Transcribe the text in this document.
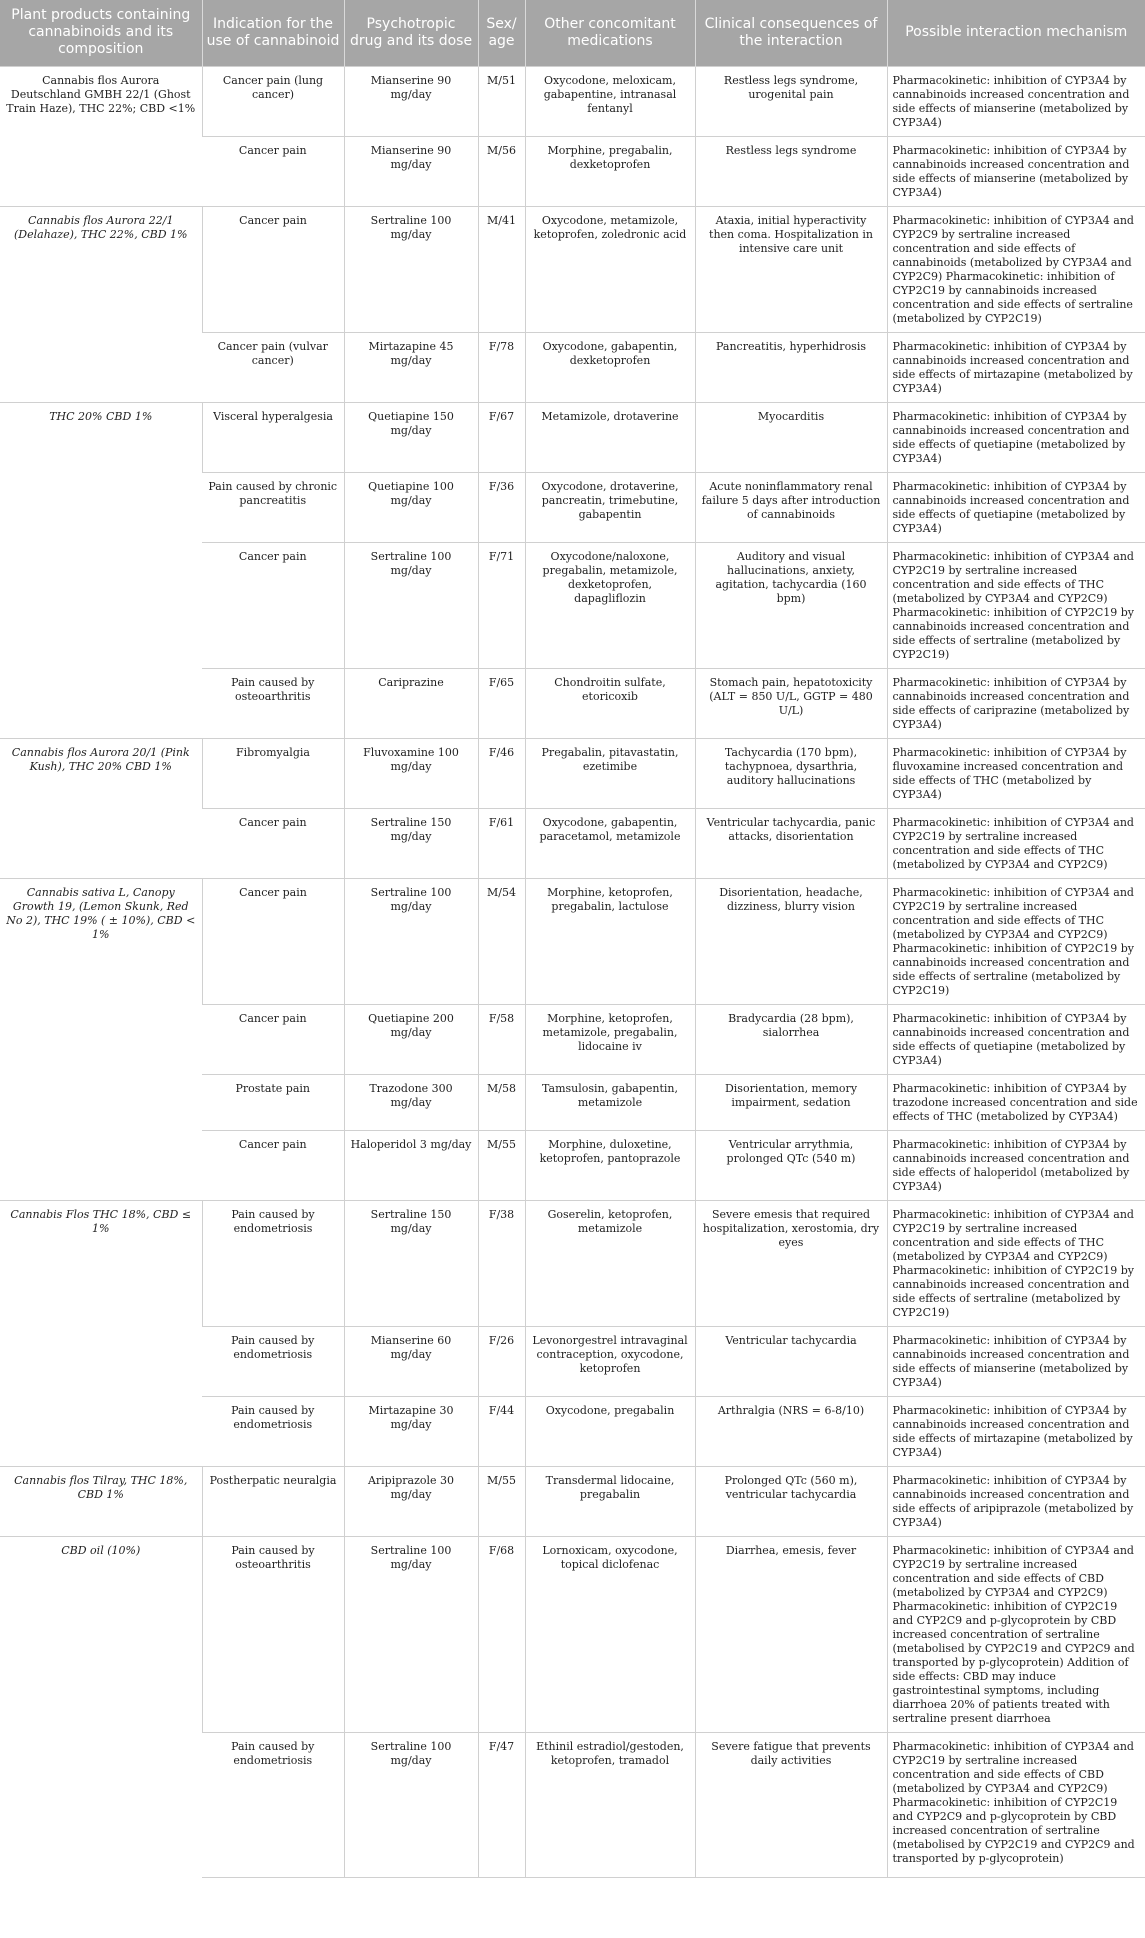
Plant products containing cannabinoids and its composition	Indication for the use of cannabinoid	Psychotropic drug and its dose	Sex/ age	Other concomitant medications	Clinical consequences of the interaction	Possible interaction mechanism
Cannabis flos Aurora Deutschland GMBH 22/1 (Ghost Train Haze), THC 22%; CBD <1%	Cancer pain (lung cancer)	Mianserine 90 mg/day	M/51	Oxycodone, meloxicam, gabapentine, intranasal fentanyl	Restless legs syndrome, urogenital pain	Pharmacokinetic: inhibition of CYP3A4 by cannabinoids increased concentration and side effects of mianserine (metabolized by CYP3A4)
	Cancer pain	Mianserine 90 mg/day	M/56	Morphine, pregabalin, dexketoprofen	Restless legs syndrome	Pharmacokinetic: inhibition of CYP3A4 by cannabinoids increased concentration and side effects of mianserine (metabolized by CYP3A4)
Cannabis flos Aurora 22/1 (Delahaze), THC 22%, CBD 1%	Cancer pain	Sertraline 100 mg/day	M/41	Oxycodone, metamizole, ketoprofen, zoledronic acid	Ataxia, initial hyperactivity then coma. Hospitalization in intensive care unit	Pharmacokinetic: inhibition of CYP3A4 and CYP2C9 by sertraline increased concentration and side effects of cannabinoids (metabolized by CYP3A4 and CYP2C9) Pharmacokinetic: inhibition of CYP2C19 by cannabinoids increased concentration and side effects of sertraline (metabolized by CYP2C19)
	Cancer pain (vulvar cancer)	Mirtazapine 45 mg/day	F/78	Oxycodone, gabapentin, dexketoprofen	Pancreatitis, hyperhidrosis	Pharmacokinetic: inhibition of CYP3A4 by cannabinoids increased concentration and side effects of mirtazapine (metabolized by CYP3A4)
THC 20% CBD 1%	Visceral hyperalgesia	Quetiapine 150 mg/day	F/67	Metamizole, drotaverine	Myocarditis	Pharmacokinetic: inhibition of CYP3A4 by cannabinoids increased concentration and side effects of quetiapine (metabolized by CYP3A4)
	Pain caused by chronic pancreatitis	Quetiapine 100 mg/day	F/36	Oxycodone, drotaverine, pancreatin, trimebutine, gabapentin	Acute noninflammatory renal failure 5 days after introduction of cannabinoids	Pharmacokinetic: inhibition of CYP3A4 by cannabinoids increased concentration and side effects of quetiapine (metabolized by CYP3A4)
	Cancer pain	Sertraline 100 mg/day	F/71	Oxycodone/naloxone, pregabalin, metamizole, dexketoprofen, dapagliflozin	Auditory and visual hallucinations, anxiety, agitation, tachycardia (160 bpm)	Pharmacokinetic: inhibition of CYP3A4 and CYP2C19 by sertraline increased concentration and side effects of THC (metabolized by CYP3A4 and CYP2C9) Pharmacokinetic: inhibition of CYP2C19 by cannabinoids increased concentration and side effects of sertraline (metabolized by CYP2C19)
	Pain caused by osteoarthritis	Cariprazine	F/65	Chondroitin sulfate, etoricoxib	Stomach pain, hepatotoxicity (ALT = 850 U/L, GGTP = 480 U/L)	Pharmacokinetic: inhibition of CYP3A4 by cannabinoids increased concentration and side effects of cariprazine (metabolized by CYP3A4)
Cannabis flos Aurora 20/1 (Pink Kush), THC 20% CBD 1%	Fibromyalgia	Fluvoxamine 100 mg/day	F/46	Pregabalin, pitavastatin, ezetimibe	Tachycardia (170 bpm), tachypnoea, dysarthria, auditory hallucinations	Pharmacokinetic: inhibition of CYP3A4 by fluvoxamine increased concentration and side effects of THC (metabolized by CYP3A4)
	Cancer pain	Sertraline 150 mg/day	F/61	Oxycodone, gabapentin, paracetamol, metamizole	Ventricular tachycardia, panic attacks, disorientation	Pharmacokinetic: inhibition of CYP3A4 and CYP2C19 by sertraline increased concentration and side effects of THC (metabolized by CYP3A4 and CYP2C9)
Cannabis sativa L, Canopy Growth 19, (Lemon Skunk, Red No 2), THC 19% ( ± 10%), CBD < 1%	Cancer pain	Sertraline 100 mg/day	M/54	Morphine, ketoprofen, pregabalin, lactulose	Disorientation, headache, dizziness, blurry vision	Pharmacokinetic: inhibition of CYP3A4 and CYP2C19 by sertraline increased concentration and side effects of THC (metabolized by CYP3A4 and CYP2C9) Pharmacokinetic: inhibition of CYP2C19 by cannabinoids increased concentration and side effects of sertraline (metabolized by CYP2C19)
	Cancer pain	Quetiapine 200 mg/day	F/58	Morphine, ketoprofen, metamizole, pregabalin, lidocaine iv	Bradycardia (28 bpm), sialorrhea	Pharmacokinetic: inhibition of CYP3A4 by cannabinoids increased concentration and side effects of quetiapine (metabolized by CYP3A4)
	Prostate pain	Trazodone 300 mg/day	M/58	Tamsulosin, gabapentin, metamizole	Disorientation, memory impairment, sedation	Pharmacokinetic: inhibition of CYP3A4 by trazodone increased concentration and side effects of THC (metabolized by CYP3A4)
	Cancer pain	Haloperidol 3 mg/day	M/55	Morphine, duloxetine, ketoprofen, pantoprazole	Ventricular arrythmia, prolonged QTc (540 m)	Pharmacokinetic: inhibition of CYP3A4 by cannabinoids increased concentration and side effects of haloperidol (metabolized by CYP3A4)
Cannabis Flos THC 18%, CBD ≤ 1%	Pain caused by endometriosis	Sertraline 150 mg/day	F/38	Goserelin, ketoprofen, metamizole	Severe emesis that required hospitalization, xerostomia, dry eyes	Pharmacokinetic: inhibition of CYP3A4 and CYP2C19 by sertraline increased concentration and side effects of THC (metabolized by CYP3A4 and CYP2C9) Pharmacokinetic: inhibition of CYP2C19 by cannabinoids increased concentration and side effects of sertraline (metabolized by CYP2C19)
	Pain caused by endometriosis	Mianserine 60 mg/day	F/26	Levonorgestrel intravaginal contraception, oxycodone, ketoprofen	Ventricular tachycardia	Pharmacokinetic: inhibition of CYP3A4 by cannabinoids increased concentration and side effects of mianserine (metabolized by CYP3A4)
	Pain caused by endometriosis	Mirtazapine 30 mg/day	F/44	Oxycodone, pregabalin	Arthralgia (NRS = 6-8/10)	Pharmacokinetic: inhibition of CYP3A4 by cannabinoids increased concentration and side effects of mirtazapine (metabolized by CYP3A4)
Cannabis flos Tilray, THC 18%, CBD 1%	Postherpatic neuralgia	Aripiprazole 30 mg/day	M/55	Transdermal lidocaine, pregabalin	Prolonged QTc (560 m), ventricular tachycardia	Pharmacokinetic: inhibition of CYP3A4 by cannabinoids increased concentration and side effects of aripiprazole (metabolized by CYP3A4)
CBD oil (10%)	Pain caused by osteoarthritis	Sertraline 100 mg/day	F/68	Lornoxicam, oxycodone, topical diclofenac	Diarrhea, emesis, fever	Pharmacokinetic: inhibition of CYP3A4 and CYP2C19 by sertraline increased concentration and side effects of CBD (metabolized by CYP3A4 and CYP2C9) Pharmacokinetic: inhibition of CYP2C19 and CYP2C9 and p-glycoprotein by CBD increased concentration of sertraline (metabolised by CYP2C19 and CYP2C9 and transported by p-glycoprotein) Addition of side effects: CBD may induce gastrointestinal symptoms, including diarrhoea 20% of patients treated with sertraline present diarrhoea
	Pain caused by endometriosis	Sertraline 100 mg/day	F/47	Ethinil estradiol/gestoden, ketoprofen, tramadol	Severe fatigue that prevents daily activities	Pharmacokinetic: inhibition of CYP3A4 and CYP2C19 by sertraline increased concentration and side effects of CBD (metabolized by CYP3A4 and CYP2C9) Pharmacokinetic: inhibition of CYP2C19 and CYP2C9 and p-glycoprotein by CBD increased concentration of sertraline (metabolised by CYP2C19 and CYP2C9 and transported by p-glycoprotein)
